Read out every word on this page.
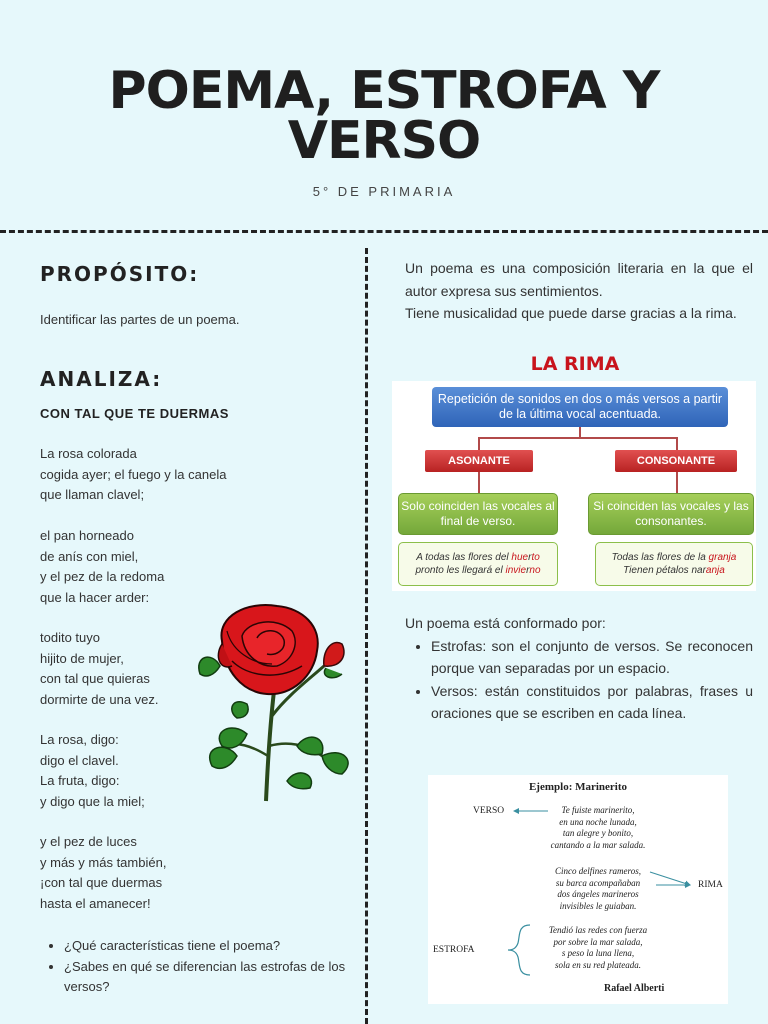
POEMA, ESTROFA Y
VERSO
5° DE PRIMARIA
PROPÓSITO:
Identificar las partes de un poema.
ANALIZA:
CON TAL QUE TE DUERMAS
La rosa colorada
cogida ayer; el fuego y la canela
que llaman clavel;
el pan horneado
de anís con miel,
y el pez de la redoma
que la hacer arder:
todito tuyo
hijito de mujer,
con tal que quieras
dormirte de una vez.
La rosa, digo:
digo el clavel.
La fruta, digo:
y digo que la miel;
y el pez de luces
y más y más también,
¡con tal que duermas
hasta el amanecer!
• ¿Qué características tiene el poema?
• ¿Sabes en qué se diferencian las estrofas de los versos?

Un poema es una composición literaria en la que el autor expresa sus sentimientos.

Tiene musicalidad que puede darse gracias a la rima.

LA RIMA
Repetición de sonidos en dos o más versos a partir de la última vocal acentuada.
ASONANTE	CONSONANTE
Solo coinciden las vocales al final de verso.
Si coinciden las vocales y las consonantes.
A todas las flores del huerto
pronto les llegará el invierno
Todas las flores de la granja
Tienen pétalos naranja

Un poema está conformado por:

• Estrofas: son el conjunto de versos. Se reconocen porque van separadas por un espacio.
• Versos: están constituidos por palabras, frases u oraciones que se escriben en cada línea.
Ejemplo: Marinerito
VERSO
RIMA
ESTROFA
Te fuiste marinerito,
en una noche lunada,
tan alegre y bonito,
cantando a la mar salada.
Cinco delfines rameros,
su barca acompañaban
dos ángeles marineros
invisibles le guiaban.
Tendió las redes con fuerza
por sobre la mar salada,
s peso la luna llena,
sola en su red plateada.
Rafael Alberti
